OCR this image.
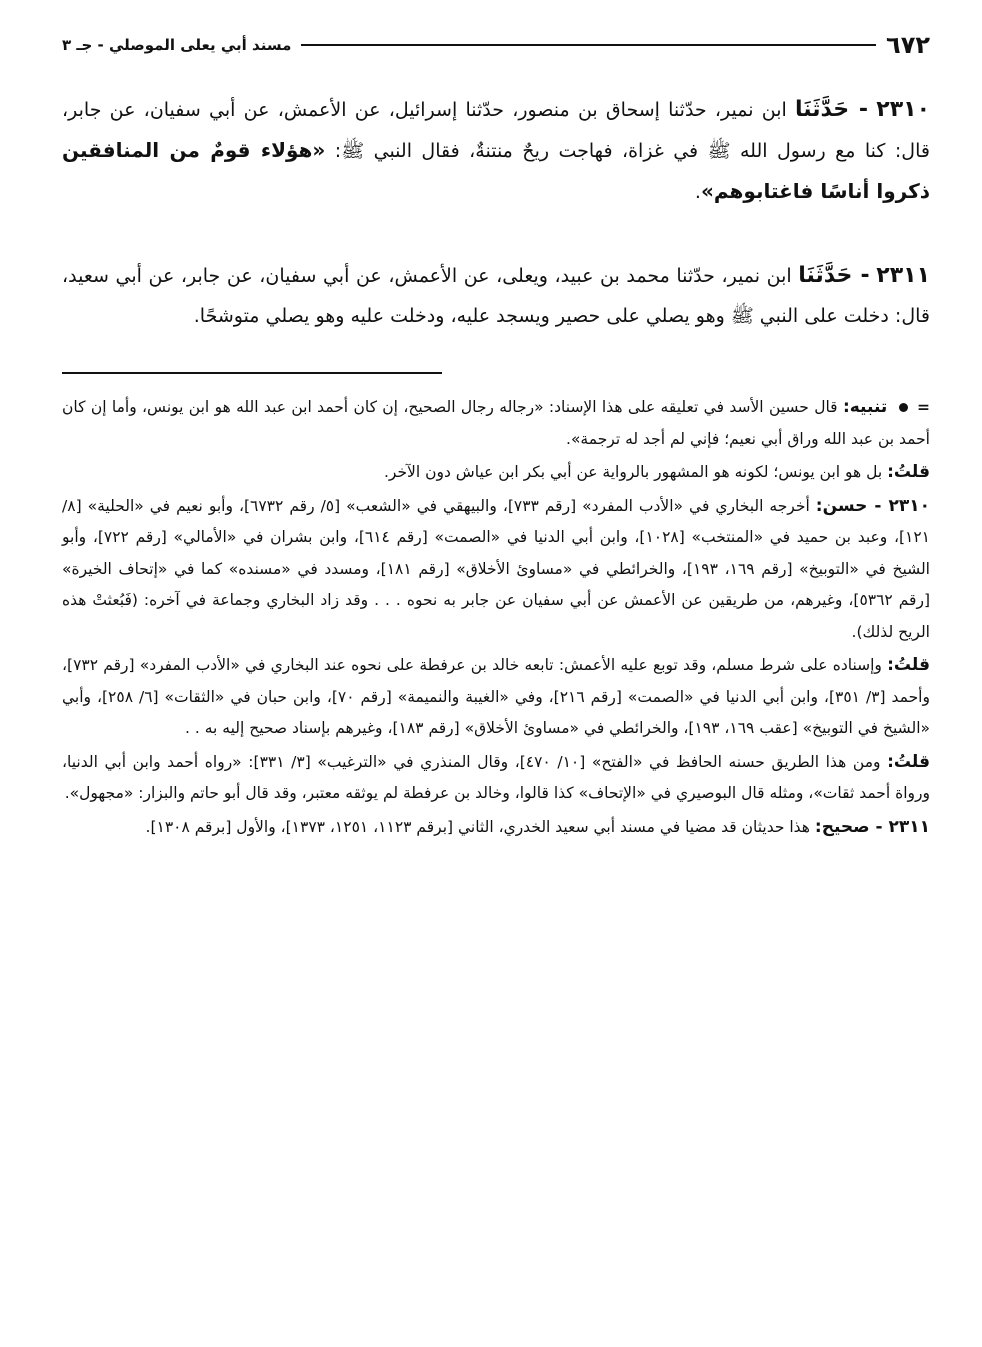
٦٧٢
مسند أبي يعلى الموصلي - جـ ٣

٢٣١٠ - حَدَّثَنَا ابن نمير، حدّثنا إسحاق بن منصور، حدّثنا إسرائيل، عن الأعمش، عن أبي سفيان، عن جابر، قال: كنا مع رسول الله ﷺ في غزاة، فهاجت ريحٌ منتنةٌ، فقال النبي ﷺ: «هؤلاء قومٌ من المنافقين ذكروا أناسًا فاغتابوهم».

٢٣١١ - حَدَّثَنَا ابن نمير، حدّثنا محمد بن عبيد، ويعلى، عن الأعمش، عن أبي سفيان، عن جابر، عن أبي سعيد، قال: دخلت على النبي ﷺ وهو يصلي على حصير ويسجد عليه، ودخلت عليه وهو يصلي متوشحًا.

=  تنبيه: قال حسين الأسد في تعليقه على هذا الإسناد: «رجاله رجال الصحيح، إن كان أحمد ابن عبد الله هو ابن يونس، وأما إن كان أحمد بن عبد الله وراق أبي نعيم؛ فإني لم أجد له ترجمة».

قلتُ: بل هو ابن يونس؛ لكونه هو المشهور بالرواية عن أبي بكر ابن عياش دون الآخر.

٢٣١٠ - حسن: أخرجه البخاري في «الأدب المفرد» [رقم ٧٣٣]، والبيهقي في «الشعب» [٥/ رقم ٦٧٣٢]، وأبو نعيم في «الحلية» [٨/ ١٢١]، وعبد بن حميد في «المنتخب» [١٠٢٨]، وابن أبي الدنيا في «الصمت» [رقم ٦١٤]، وابن بشران في «الأمالي» [رقم ٧٢٢]، وأبو الشيخ في «التوبيخ» [رقم ١٦٩، ١٩٣]، والخرائطي في «مساوئ الأخلاق» [رقم ١٨١]، ومسدد في «مسنده» كما في «إتحاف الخيرة» [رقم ٥٣٦٢]، وغيرهم، من طريقين عن الأعمش عن أبي سفيان عن جابر به نحوه . . . وقد زاد البخاري وجماعة في آخره: (فَبُعثتْ هذه الريح لذلك).

قلتُ: وإسناده على شرط مسلم، وقد توبع عليه الأعمش: تابعه خالد بن عرفطة على نحوه عند البخاري في «الأدب المفرد» [رقم ٧٣٢]، وأحمد [٣/ ٣٥١]، وابن أبي الدنيا في «الصمت» [رقم ٢١٦]، وفي «الغيبة والنميمة» [رقم ٧٠]، وابن حبان في «الثقات» [٦/ ٢٥٨]، وأبي «الشيخ في التوبيخ» [عقب ١٦٩، ١٩٣]، والخرائطي في «مساوئ الأخلاق» [رقم ١٨٣]، وغيرهم بإسناد صحيح إليه به . .

قلتُ: ومن هذا الطريق حسنه الحافظ في «الفتح» [١٠/ ٤٧٠]، وقال المنذري في «الترغيب» [٣/ ٣٣١]: «رواه أحمد وابن أبي الدنيا، ورواة أحمد ثقات»، ومثله قال البوصيري في «الإتحاف» كذا قالوا، وخالد بن عرفطة لم يوثقه معتبر، وقد قال أبو حاتم والبزار: «مجهول».

٢٣١١ - صحيح: هذا حديثان قد مضيا في مسند أبي سعيد الخدري، الثاني [برقم ١١٢٣، ١٢٥١، ١٣٧٣]، والأول [برقم ١٣٠٨].
